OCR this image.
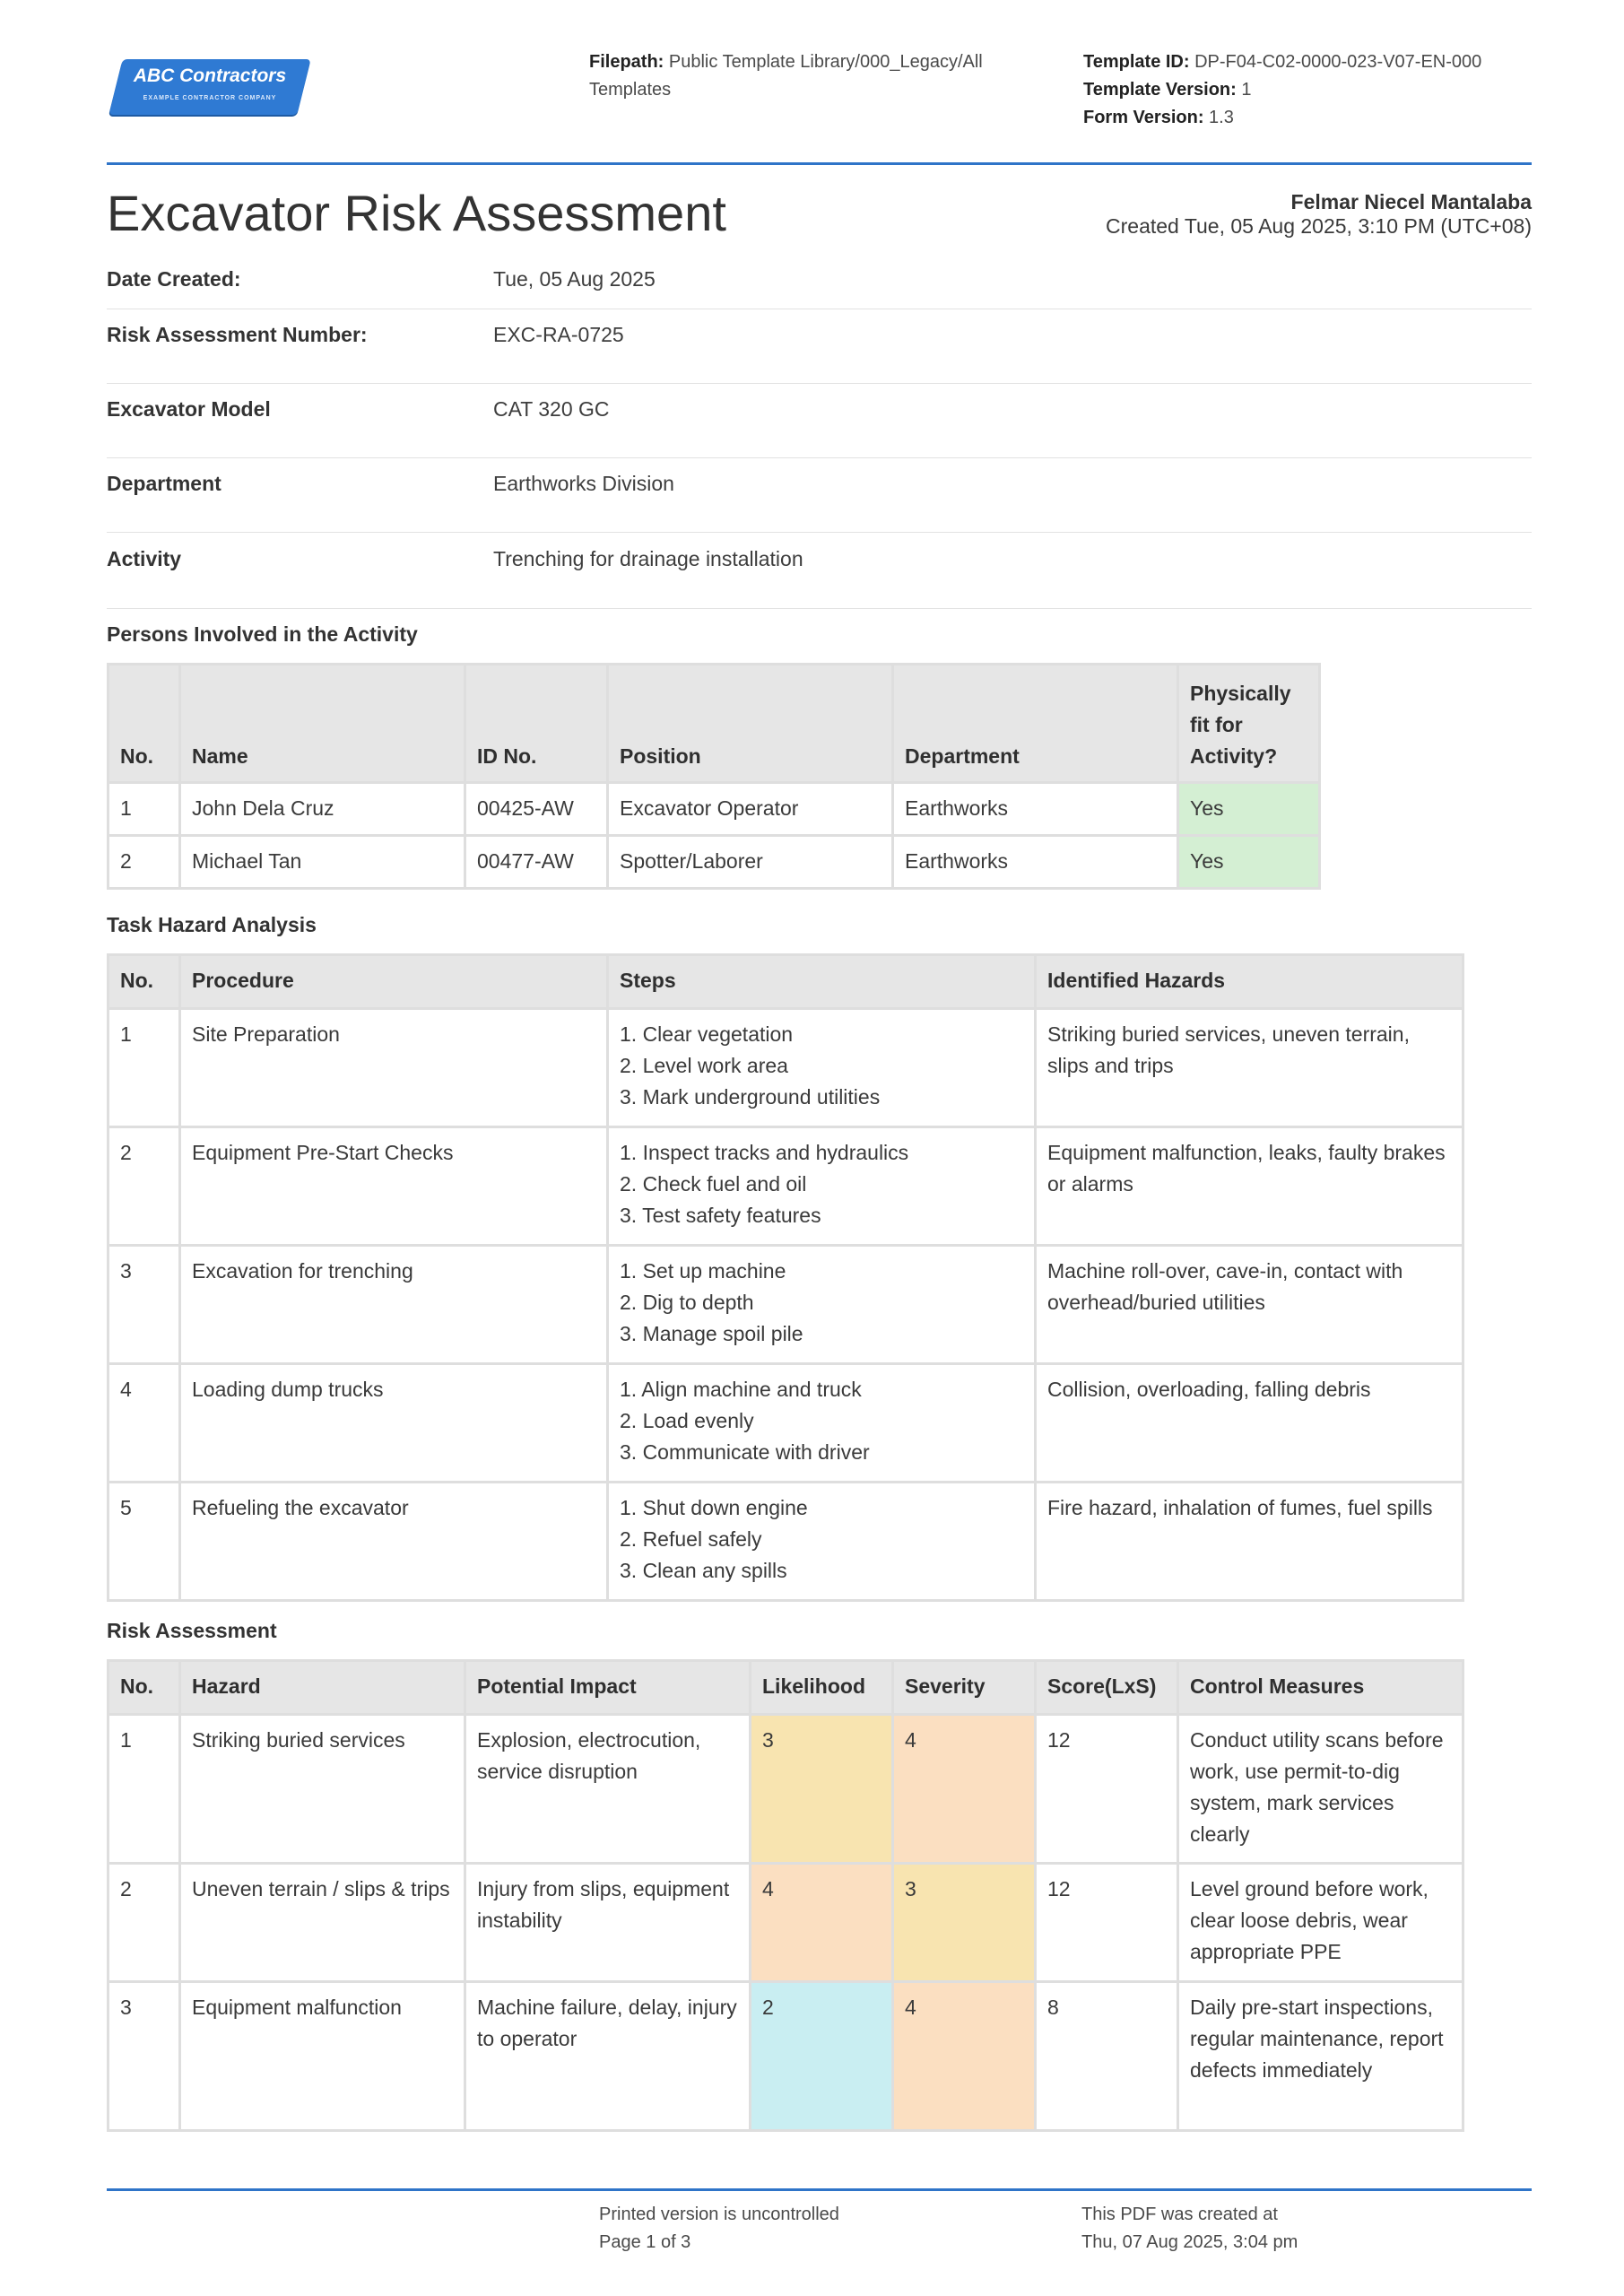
ABC Contractors
EXAMPLE CONTRACTOR COMPANY
Filepath: Public Template Library/000_Legacy/All
Templates
Template ID: DP-F04-C02-0000-023-V07-EN-000
Template Version: 1
Form Version: 1.3
Excavator Risk Assessment	Felmar Niecel Mantalaba
Created Tue, 05 Aug 2025, 3:10 PM (UTC+08)
Date Created:	Tue, 05 Aug 2025
Risk Assessment Number:	EXC-RA-0725
Excavator Model	CAT 320 GC
Department	Earthworks Division
Activity	Trenching for drainage installation
Persons Involved in the Activity
No.	Name	ID No.	Position	Department	Physically fit for Activity?
1	John Dela Cruz	00425-AW	Excavator Operator	Earthworks	Yes
2	Michael Tan	00477-AW	Spotter/Laborer	Earthworks	Yes
Task Hazard Analysis
No.	Procedure	Steps	Identified Hazards
1	Site Preparation	1. Clear vegetation
2. Level work area
3. Mark underground utilities	Striking buried services, uneven terrain, slips and trips
2	Equipment Pre-Start Checks	1. Inspect tracks and hydraulics
2. Check fuel and oil
3. Test safety features	Equipment malfunction, leaks, faulty brakes or alarms
3	Excavation for trenching	1. Set up machine
2. Dig to depth
3. Manage spoil pile	Machine roll-over, cave-in, contact with overhead/buried utilities
4	Loading dump trucks	1. Align machine and truck
2. Load evenly
3. Communicate with driver	Collision, overloading, falling debris
5	Refueling the excavator	1. Shut down engine
2. Refuel safely
3. Clean any spills	Fire hazard, inhalation of fumes, fuel spills
Risk Assessment
No.	Hazard	Potential Impact	Likelihood	Severity	Score(LxS)	Control Measures
1	Striking buried services	Explosion, electrocution, service disruption	3	4	12	Conduct utility scans before work, use permit-to-dig system, mark services clearly
2	Uneven terrain / slips & trips	Injury from slips, equipment instability	4	3	12	Level ground before work, clear loose debris, wear appropriate PPE
3	Equipment malfunction	Machine failure, delay, injury to operator	2	4	8	Daily pre-start inspections, regular maintenance, report defects immediately
Printed version is uncontrolled
Page 1 of 3
This PDF was created at
Thu, 07 Aug 2025, 3:04 pm
